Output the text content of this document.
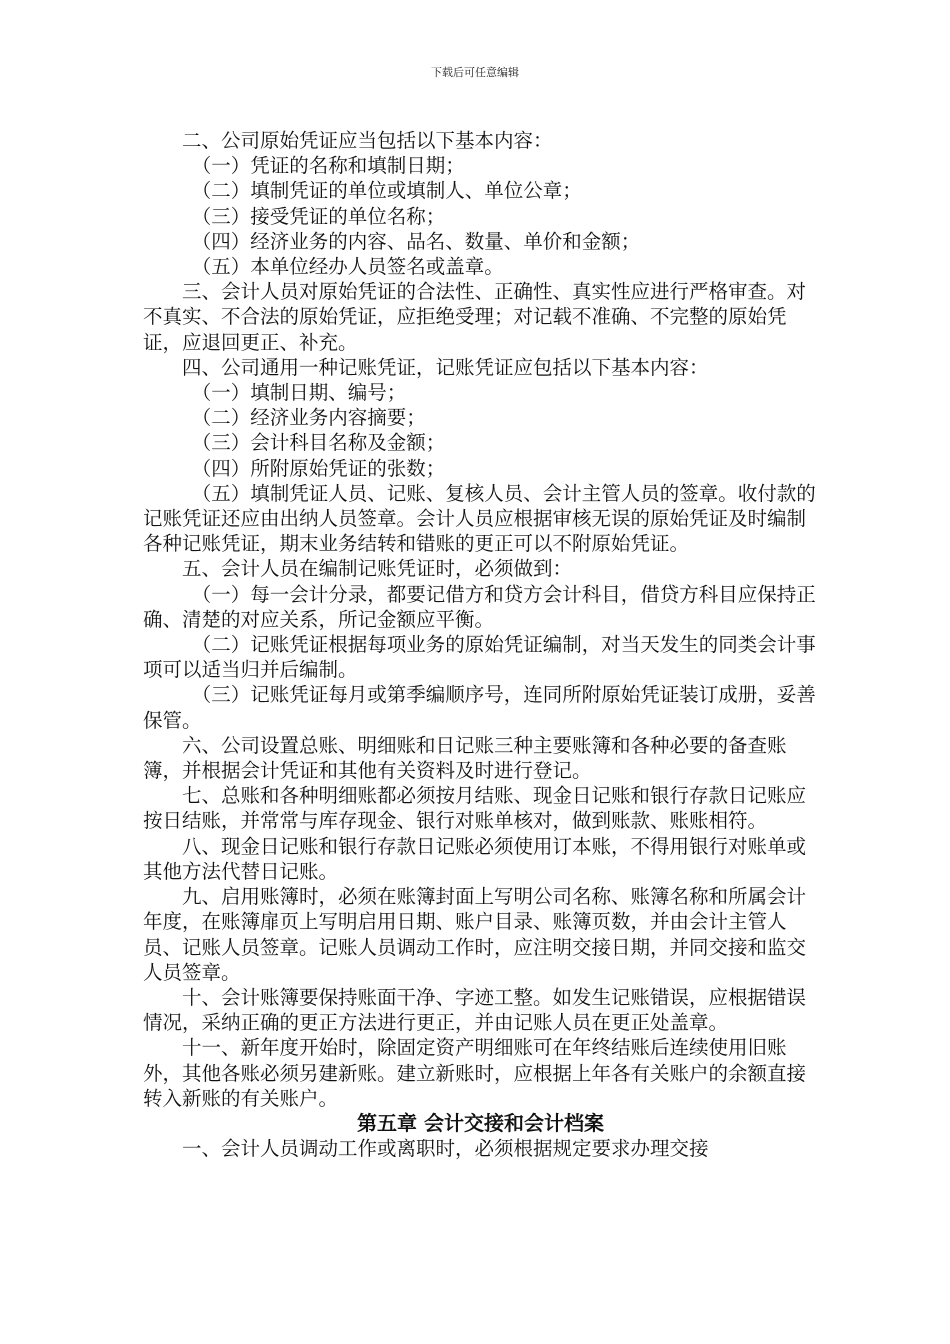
下载后可任意编辑

二、公司原始凭证应当包括以下基本内容：

（一）凭证的名称和填制日期；

（二）填制凭证的单位或填制人、单位公章；

（三）接受凭证的单位名称；

（四）经济业务的内容、品名、数量、单价和金额；

（五）本单位经办人员签名或盖章。

三、会计人员对原始凭证的合法性、正确性、真实性应进行严格审查。对不真实、不合法的原始凭证，应拒绝受理；对记载不准确、不完整的原始凭证，应退回更正、补充。

四、公司通用一种记账凭证，记账凭证应包括以下基本内容：

（一）填制日期、编号；

（二）经济业务内容摘要；

（三）会计科目名称及金额；

（四）所附原始凭证的张数；

（五）填制凭证人员、记账、复核人员、会计主管人员的签章。收付款的记账凭证还应由出纳人员签章。会计人员应根据审核无误的原始凭证及时编制各种记账凭证，期末业务结转和错账的更正可以不附原始凭证。

五、会计人员在编制记账凭证时，必须做到：

（一）每一会计分录，都要记借方和贷方会计科目，借贷方科目应保持正确、清楚的对应关系，所记金额应平衡。

（二）记账凭证根据每项业务的原始凭证编制，对当天发生的同类会计事项可以适当归并后编制。

（三）记账凭证每月或第季编顺序号，连同所附原始凭证装订成册，妥善保管。

六、公司设置总账、明细账和日记账三种主要账簿和各种必要的备查账簿，并根据会计凭证和其他有关资料及时进行登记。

七、总账和各种明细账都必须按月结账、现金日记账和银行存款日记账应按日结账，并常常与库存现金、银行对账单核对，做到账款、账账相符。

八、现金日记账和银行存款日记账必须使用订本账，不得用银行对账单或其他方法代替日记账。

九、启用账簿时，必须在账簿封面上写明公司名称、账簿名称和所属会计年度，在账簿扉页上写明启用日期、账户目录、账簿页数，并由会计主管人员、记账人员签章。记账人员调动工作时，应注明交接日期，并同交接和监交人员签章。

十、会计账簿要保持账面干净、字迹工整。如发生记账错误，应根据错误情况，采纳正确的更正方法进行更正，并由记账人员在更正处盖章。

十一、新年度开始时，除固定资产明细账可在年终结账后连续使用旧账外，其他各账必须另建新账。建立新账时，应根据上年各有关账户的余额直接转入新账的有关账户。

第五章 会计交接和会计档案

一、会计人员调动工作或离职时，必须根据规定要求办理交接
